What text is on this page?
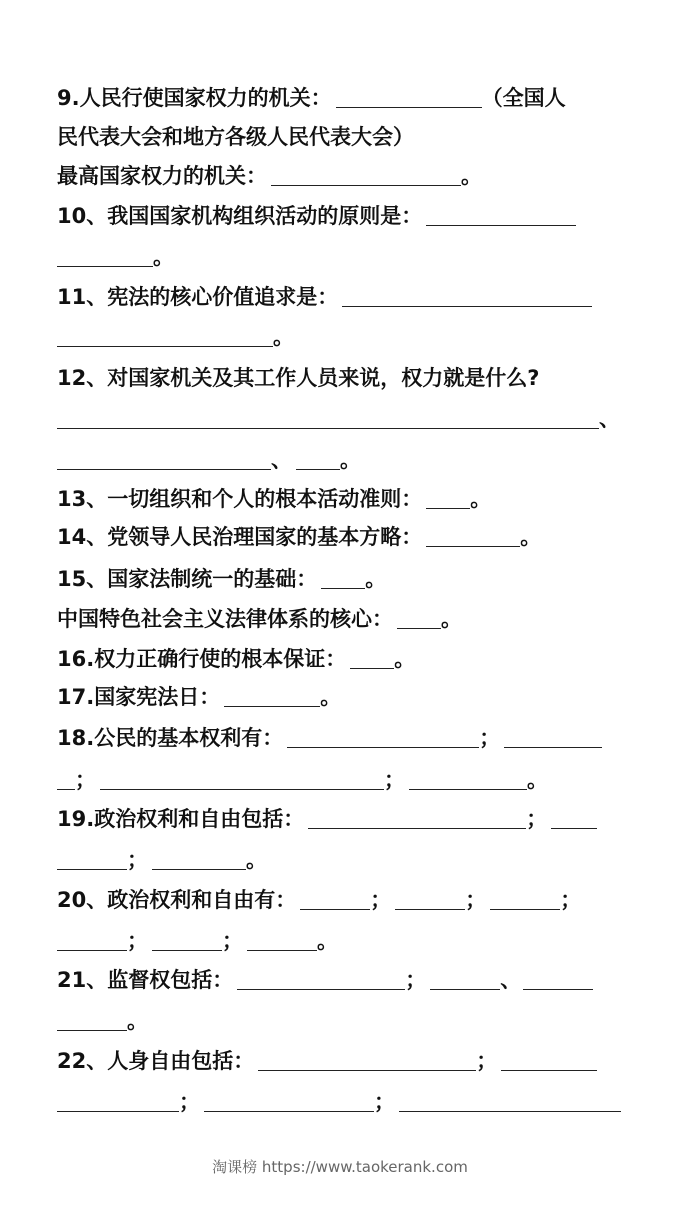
9.人民行使国家权力的机关：	（全国人
民代表大会和地方各级人民代表大会）
最高国家权力的机关：	。
10、我国国家机构组织活动的原则是：
。
11、宪法的核心价值追求是：
。
12、对国家机关及其工作人员来说，权力就是什么?
、
、 。
13、一切组织和个人的根本活动准则： 。
14、党领导人民治理国家的基本方略：	。
15、国家法制统一的基础： 。
中国特色社会主义法律体系的核心： 。
16.权力正确行使的根本保证： 。
17.国家宪法日：	。
18.公民的基本权利有：	；
；	；	。
19.政治权利和自由包括：	；
；	。
20、政治权利和自由有：	；	；	；
；	；	。
21、监督权包括：	；	、
。
22、人身自由包括：	；
；	；
淘课榜 https://www.taokerank.com
